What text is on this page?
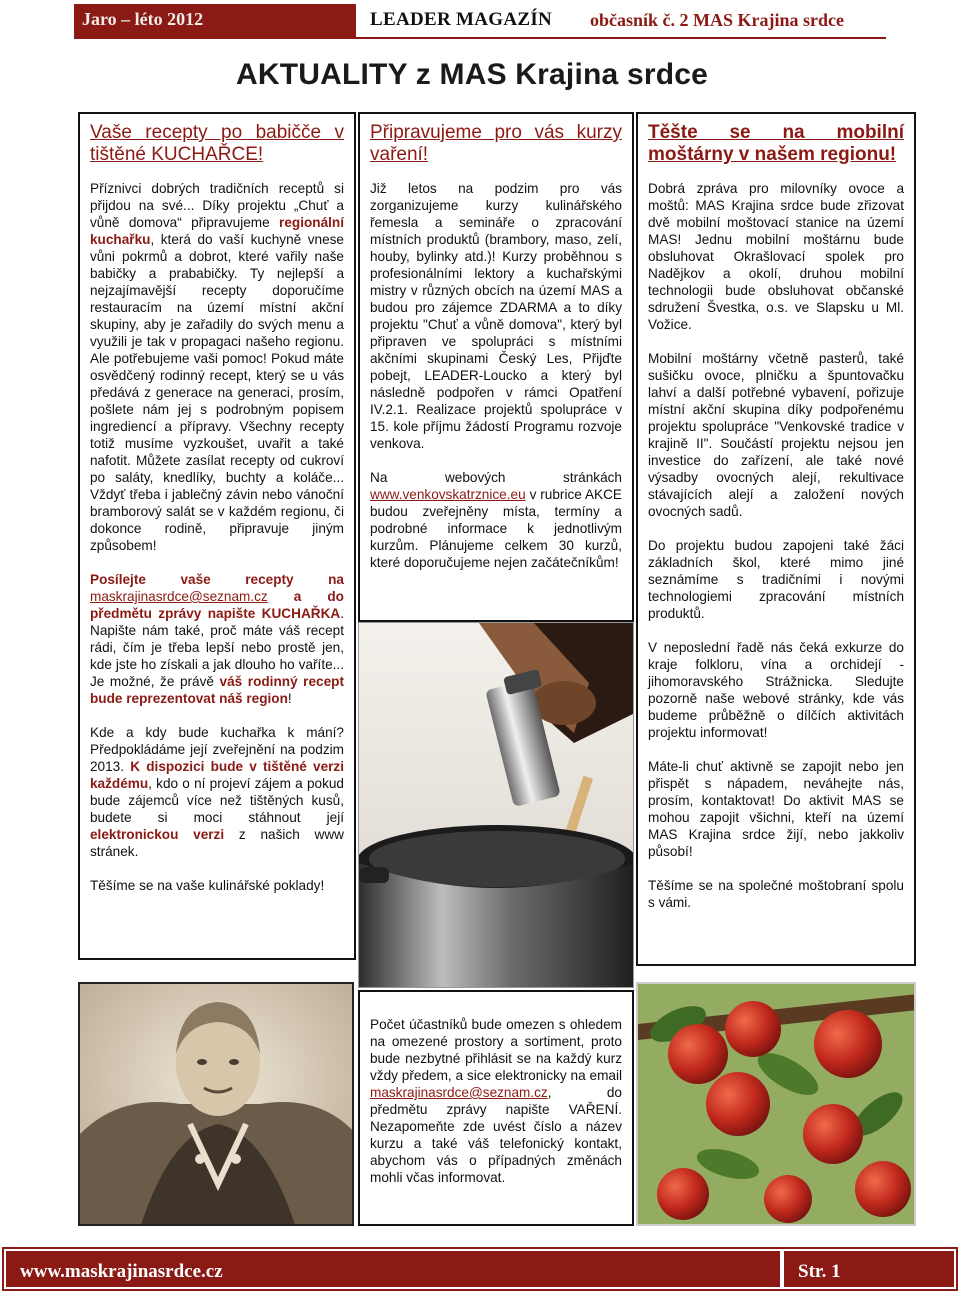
Jaro – léto 2012	LEADER MAGAZÍN	občasník č. 2 MAS Krajina srdce
AKTUALITY z MAS Krajina srdce

Vaše recepty po babičče v tištěné KUCHAŘCE!

Příznivci dobrých tradičních receptů si přijdou na své... Díky projektu „Chuť a vůně domova“ připravujeme regionální kuchařku, která do vaší kuchyně vnese vůni pokrmů a dobrot, které vařily naše babičky a prababičky. Ty nejlepší a nejzajímavější recepty doporučíme restauracím na území místní akční skupiny, aby je zařadily do svých menu a využili je tak v propagaci našeho regionu. Ale potřebujeme vaši pomoc! Pokud máte osvědčený rodinný recept, který se u vás předává z generace na generaci, prosím, pošlete nám jej s podrobným popisem ingrediencí a přípravy. Všechny recepty totiž musíme vyzkoušet, uvařit a také nafotit. Můžete zasílat recepty od cukroví po saláty, knedlíky, buchty a koláče... Vždyť třeba i jablečný závin nebo vánoční bramborový salát se v každém regionu, či dokonce rodině, připravuje jiným způsobem!

Posílejte vaše recepty na maskrajinasrdce@seznam.cz a do předmětu zprávy napište KUCHAŘKA. Napište nám také, proč máte váš recept rádi, čím je třeba lepší nebo prostě jen, kde jste ho získali a jak dlouho ho vaříte... Je možné, že právě váš rodinný recept bude reprezentovat náš region!

Kde a kdy bude kuchařka k mání? Předpokládáme její zveřejnění na podzim 2013. K dispozici bude v tištěné verzi každému, kdo o ní projeví zájem a pokud bude zájemců více než tištěných kusů, budete si moci stáhnout její elektronickou verzi z našich www stránek.

Těšíme se na vaše kulinářské poklady!

Připravujeme pro vás kurzy vaření!

Již letos na podzim pro vás zorganizujeme kurzy kulinářského řemesla a semináře o zpracování místních produktů (brambory, maso, zelí, houby, bylinky atd.)! Kurzy proběhnou s profesionálními lektory a kuchařskými mistry v různých obcích na území MAS a budou pro zájemce ZDARMA a to díky projektu "Chuť a vůně domova", který byl připraven ve spolupráci s místními akčními skupinami Český Les, Přijďte pobejt, LEADER-Loucko a který byl následně podpořen v rámci Opatření IV.2.1. Realizace projektů spolupráce v 15. kole příjmu žádostí Programu rozvoje venkova.

Na webových stránkách www.venkovskatrznice.eu v rubrice AKCE budou zveřejněny místa, termíny a podrobné informace k jednotlivým kurzům. Plánujeme celkem 30 kurzů, které doporučujeme nejen začátečníkům!

Těšte se na mobilní moštárny v našem regionu!

Dobrá zpráva pro milovníky ovoce a moštů: MAS Krajina srdce bude zřizovat dvě mobilní moštovací stanice na území MAS! Jednu mobilní moštárnu bude obsluhovat Okrašlovací spolek pro Nadějkov a okolí, druhou mobilní technologii bude obsluhovat občanské sdružení Švestka, o.s. ve Slapsku u Ml. Vožice.

Mobilní moštárny včetně pasterů, také sušičku ovoce, plničku a špuntovačku lahví a další potřebné vybavení, pořizuje místní akční skupina díky podpořenému projektu spolupráce "Venkovské tradice v krajině II". Součástí projektu nejsou jen investice do zařízení, ale také nové výsadby ovocných alejí, rekultivace stávajících alejí a založení nových ovocných sadů.

Do projektu budou zapojeni také žáci základních škol, které mimo jiné seznámíme s tradičními i novými technologiemi zpracování místních produktů.

V neposlední řadě nás čeká exkurze do kraje folkloru, vína a orchidejí - jihomoravského Strážnicka. Sledujte pozorně naše webové stránky, kde vás budeme průběžně o dílčích aktivitách projektu informovat!

Máte-li chuť aktivně se zapojit nebo jen přispět s nápadem, neváhejte nás, prosím, kontaktovat! Do aktivit MAS se mohou zapojit všichni, kteří na území MAS Krajina srdce žijí, nebo jakkoliv působí!

Těšíme se na společné moštobraní spolu s vámi.

Počet účastníků bude omezen s ohledem na omezené prostory a sortiment, proto bude nezbytné přihlásit se na každý kurz vždy předem, a sice elektronicky na email maskrajinasrdce@seznam.cz, do předmětu zprávy napište VAŘENÍ. Nezapomeňte zde uvést číslo a název kurzu a také váš telefonický kontakt, abychom vás o případných změnách mohli včas informovat.

www.maskrajinasrdce.cz	Str. 1
